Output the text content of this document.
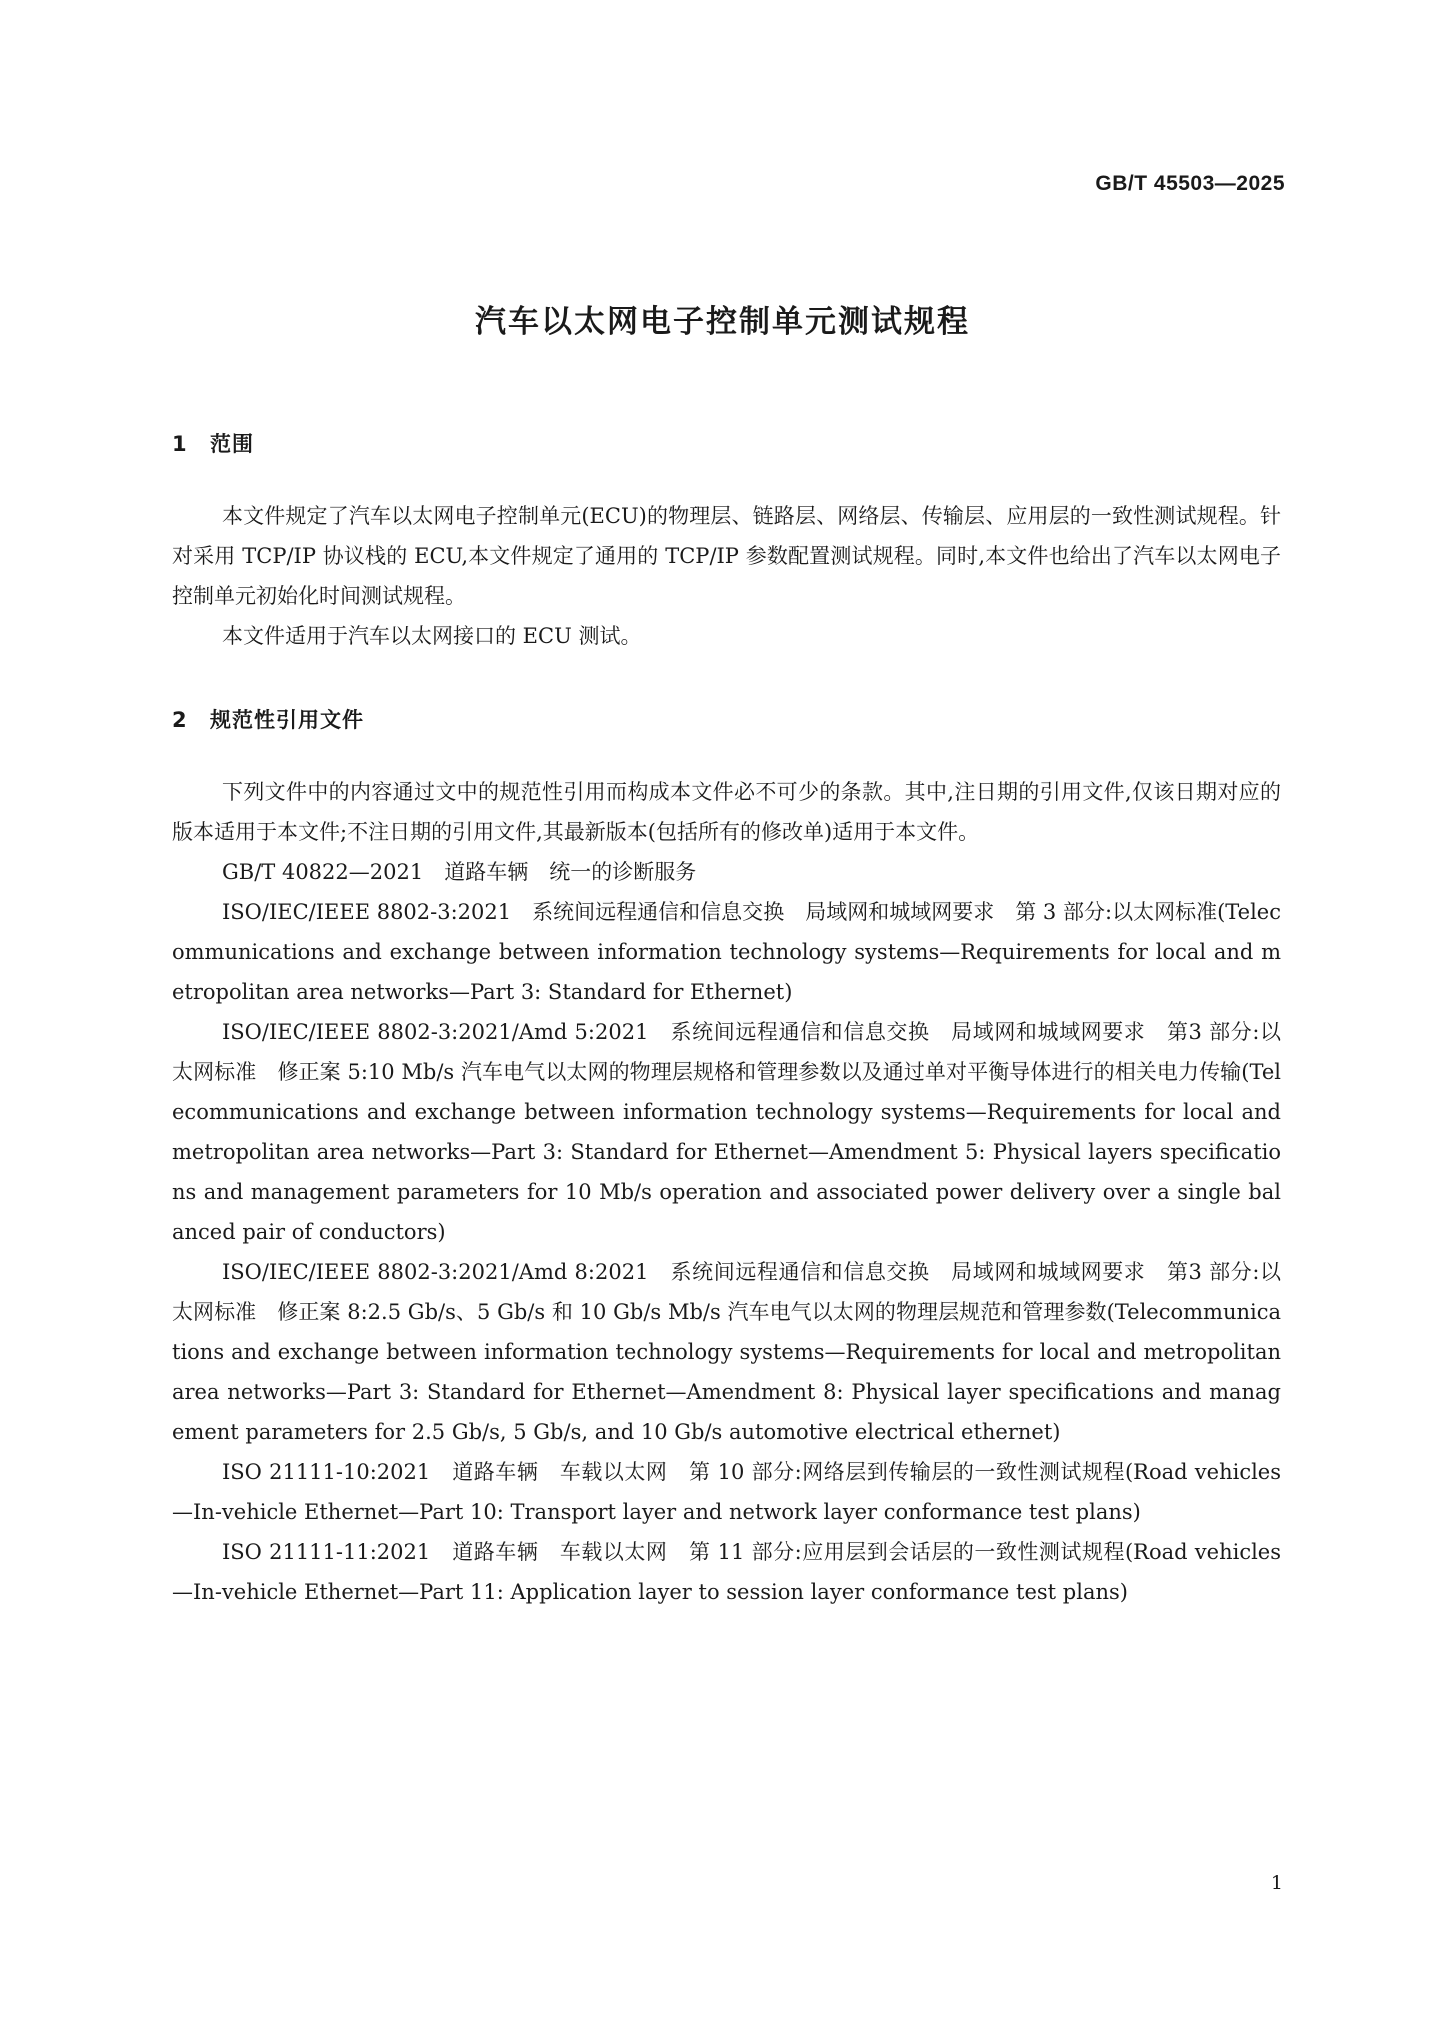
GB/T 45503—2025
汽车以太网电子控制单元测试规程
1 范围

本文件规定了汽车以太网电子控制单元(ECU)的物理层、链路层、网络层、传输层、应用层的一致性测试规程。针对采用 TCP/IP 协议栈的 ECU,本文件规定了通用的 TCP/IP 参数配置测试规程。同时,本文件也给出了汽车以太网电子控制单元初始化时间测试规程。

本文件适用于汽车以太网接口的 ECU 测试。

2 规范性引用文件

下列文件中的内容通过文中的规范性引用而构成本文件必不可少的条款。其中,注日期的引用文件,仅该日期对应的版本适用于本文件;不注日期的引用文件,其最新版本(包括所有的修改单)适用于本文件。

GB/T 40822—2021　道路车辆　统一的诊断服务

ISO/IEC/IEEE 8802-3:2021　系统间远程通信和信息交换　局域网和城域网要求　第 3 部分:以太网标准(Telecommunications and exchange between information technology systems—Requirements for local and metropolitan area networks—Part 3: Standard for Ethernet)

ISO/IEC/IEEE 8802-3:2021/Amd 5:2021　系统间远程通信和信息交换　局域网和城域网要求　第3 部分:以太网标准　修正案 5:10 Mb/s 汽车电气以太网的物理层规格和管理参数以及通过单对平衡导体进行的相关电力传输(Telecommunications and exchange between information technology systems—Requirements for local and metropolitan area networks—Part 3: Standard for Ethernet—Amendment 5: Physical layers specifications and management parameters for 10 Mb/s operation and associated power delivery over a single balanced pair of conductors)

ISO/IEC/IEEE 8802-3:2021/Amd 8:2021　系统间远程通信和信息交换　局域网和城域网要求　第3 部分:以太网标准　修正案 8:2.5 Gb/s、5 Gb/s 和 10 Gb/s Mb/s 汽车电气以太网的物理层规范和管理参数(Telecommunications and exchange between information technology systems—Requirements for local and metropolitan area networks—Part 3: Standard for Ethernet—Amendment 8: Physical layer specifications and management parameters for 2.5 Gb/s, 5 Gb/s, and 10 Gb/s automotive electrical ethernet)

ISO 21111-10:2021　道路车辆　车载以太网　第 10 部分:网络层到传输层的一致性测试规程(Road vehicles—In-vehicle Ethernet—Part 10: Transport layer and network layer conformance test plans)

ISO 21111-11:2021　道路车辆　车载以太网　第 11 部分:应用层到会话层的一致性测试规程(Road vehicles—In-vehicle Ethernet—Part 11: Application layer to session layer conformance test plans)

1
